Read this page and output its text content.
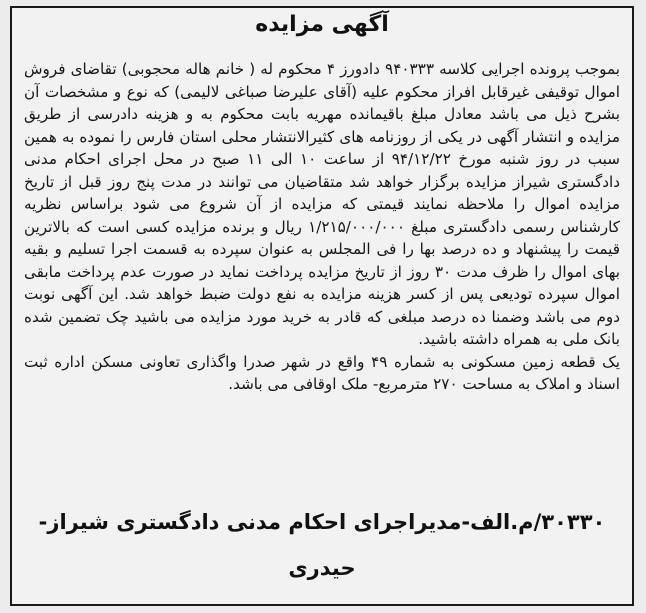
آگهی مزایده

بموجب پرونده اجرایی کلاسه ۹۴۰۳۳۳ دادورز ۴ محکوم له ( خانم هاله محجوبی) تقاضای فروش اموال توقیفی غیرقابل افراز محکوم علیه (آقای علیرضا صباغی لالیمی) که نوع و مشخصات آن بشرح ذیل می باشد معادل مبلغ باقیمانده مهریه بابت محکوم به و هزینه دادرسی از طریق مزایده و انتشار آگهی در یکی از روزنامه های کثیرالانتشار محلی استان فارس را نموده به همین سبب در روز شنبه مورخ ۹۴/۱۲/۲۲ از ساعت ۱۰ الی ۱۱ صبح در محل اجرای احکام مدنی دادگستری شیراز مزایده برگزار خواهد شد متقاضیان می توانند در مدت پنج روز قبل از تاریخ مزایده اموال را ملاحظه نمایند قیمتی که مزایده از آن شروع می شود براساس نظریه کارشناس رسمی دادگستری مبلغ ۱/۲۱۵/۰۰۰/۰۰۰ ریال و برنده مزایده کسی است که بالاترین قیمت را پیشنهاد و ده درصد بها را فی المجلس به عنوان سپرده به قسمت اجرا تسلیم و بقیه بهای اموال را ظرف مدت ۳۰ روز از تاریخ مزایده پرداخت نماید در صورت عدم پرداخت مابقی اموال سپرده تودیعی پس از کسر هزینه مزایده به نفع دولت ضبط خواهد شد. این آگهی نوبت دوم می باشد وضمنا ده درصد مبلغی که قادر به خرید مورد مزایده می باشید چک تضمین شده بانک ملی به همراه داشته باشید.

یک قطعه زمین مسکونی به شماره ۴۹ واقع در شهر صدرا واگذاری تعاونی مسکن اداره ثبت اسناد و املاک به مساحت ۲۷۰ مترمربع- ملک اوقافی می باشد.

۳۰۳۳۰/م.الف-مدیراجرای احکام مدنی دادگستری شیراز-
حیدری
